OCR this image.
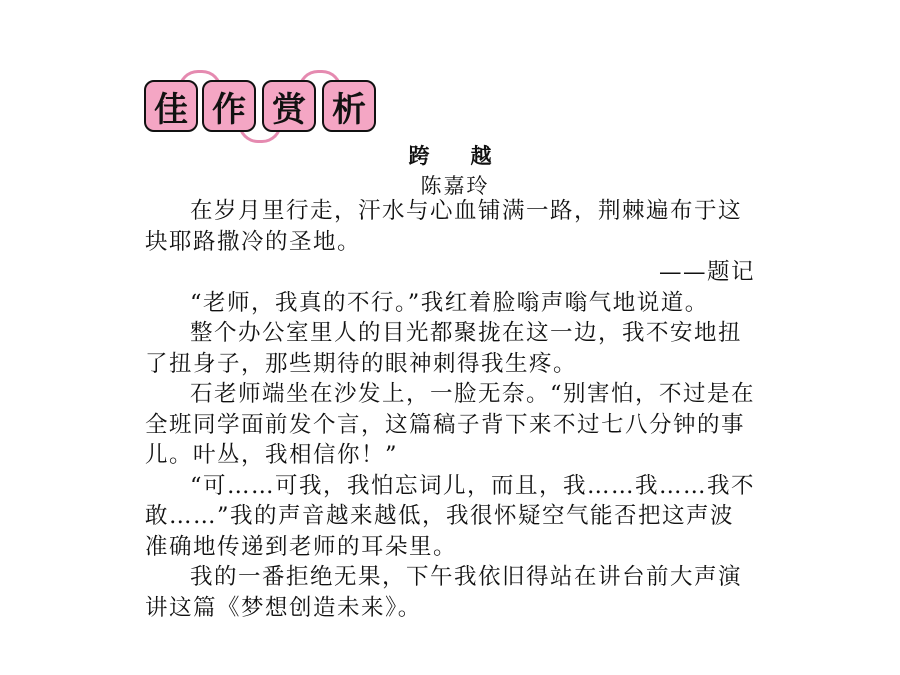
佳 作 赏 析
跨　越
陈嘉玲

在岁月里行走，汗水与心血铺满一路，荆棘遍布于这块耶路撒冷的圣地。

——题记

“老师，我真的不行。”我红着脸嗡声嗡气地说道。

整个办公室里人的目光都聚拢在这一边，我不安地扭了扭身子，那些期待的眼神刺得我生疼。

石老师端坐在沙发上，一脸无奈。“别害怕，不过是在全班同学面前发个言，这篇稿子背下来不过七八分钟的事儿。叶丛，我相信你！”

“可……可我，我怕忘词儿，而且，我……我……我不敢……”我的声音越来越低，我很怀疑空气能否把这声波准确地传递到老师的耳朵里。

我的一番拒绝无果，下午我依旧得站在讲台前大声演讲这篇《梦想创造未来》。
